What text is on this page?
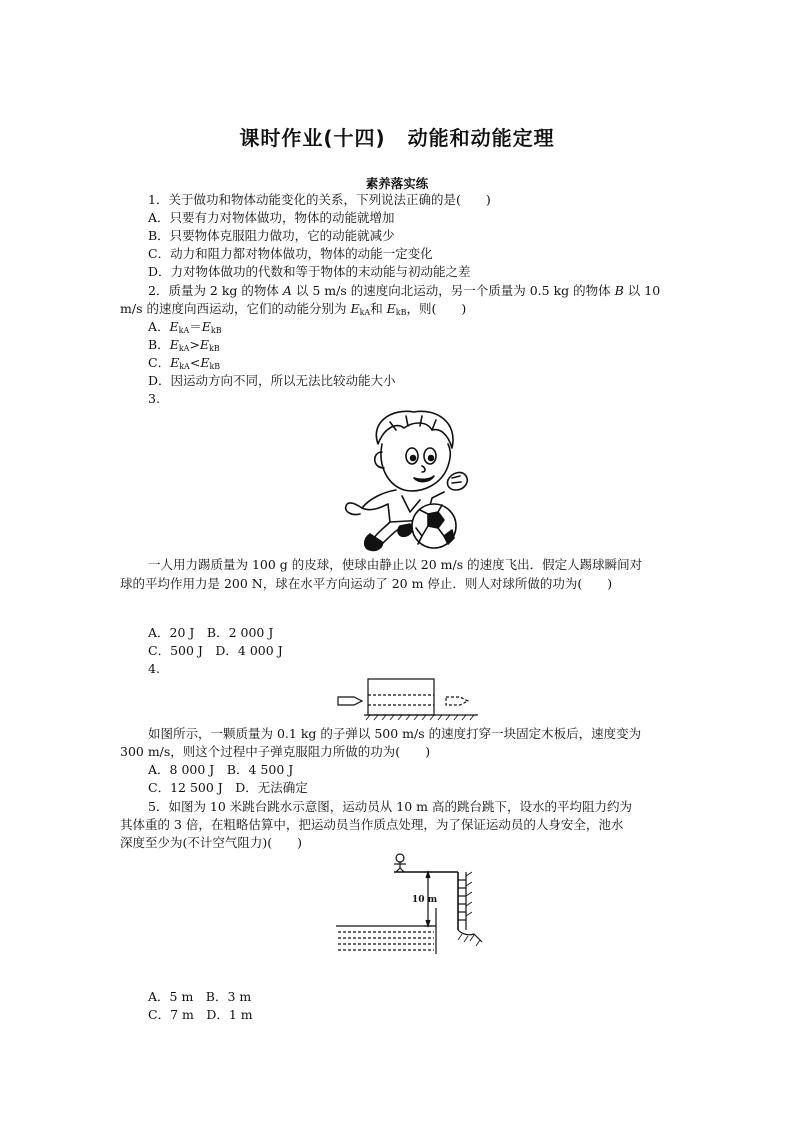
课时作业(十四) 动能和动能定理
素养落实练
1．关于做功和物体动能变化的关系，下列说法正确的是(　　)
A．只要有力对物体做功，物体的动能就增加
B．只要物体克服阻力做功，它的动能就减少
C．动力和阻力都对物体做功，物体的动能一定变化
D．力对物体做功的代数和等于物体的末动能与初动能之差
2．质量为 2 kg 的物体 A 以 5 m/s 的速度向北运动，另一个质量为 0.5 kg 的物体 B 以 10
m/s 的速度向西运动，它们的动能分别为 $E_{kA}$和 $E_{kB}$，则(　　)
A．$E_{kA}=E_{kB}$
B．$E_{kA}>E_{kB}$
C．$E_{kA}<E_{kB}$
D．因运动方向不同，所以无法比较动能大小
3.
一人用力踢质量为 100 g 的皮球，使球由静止以 20 m/s 的速度飞出．假定人踢球瞬间对
球的平均作用力是 200 N，球在水平方向运动了 20 m 停止．则人对球所做的功为(　　)
A．20 J　B．2 000 J
C．500 J　D．4 000 J
4.
如图所示，一颗质量为 0.1 kg 的子弹以 500 m/s 的速度打穿一块固定木板后，速度变为
300 m/s，则这个过程中子弹克服阻力所做的功为(　　)
A．8 000 J　B．4 500 J
C．12 500 J　D．无法确定
5．如图为 10 米跳台跳水示意图，运动员从 10 m 高的跳台跳下，设水的平均阻力约为
其体重的 3 倍，在粗略估算中，把运动员当作质点处理，为了保证运动员的人身安全，池水
深度至少为(不计空气阻力)(　　)
10 m
A．5 m　B．3 m
C．7 m　D．1 m
